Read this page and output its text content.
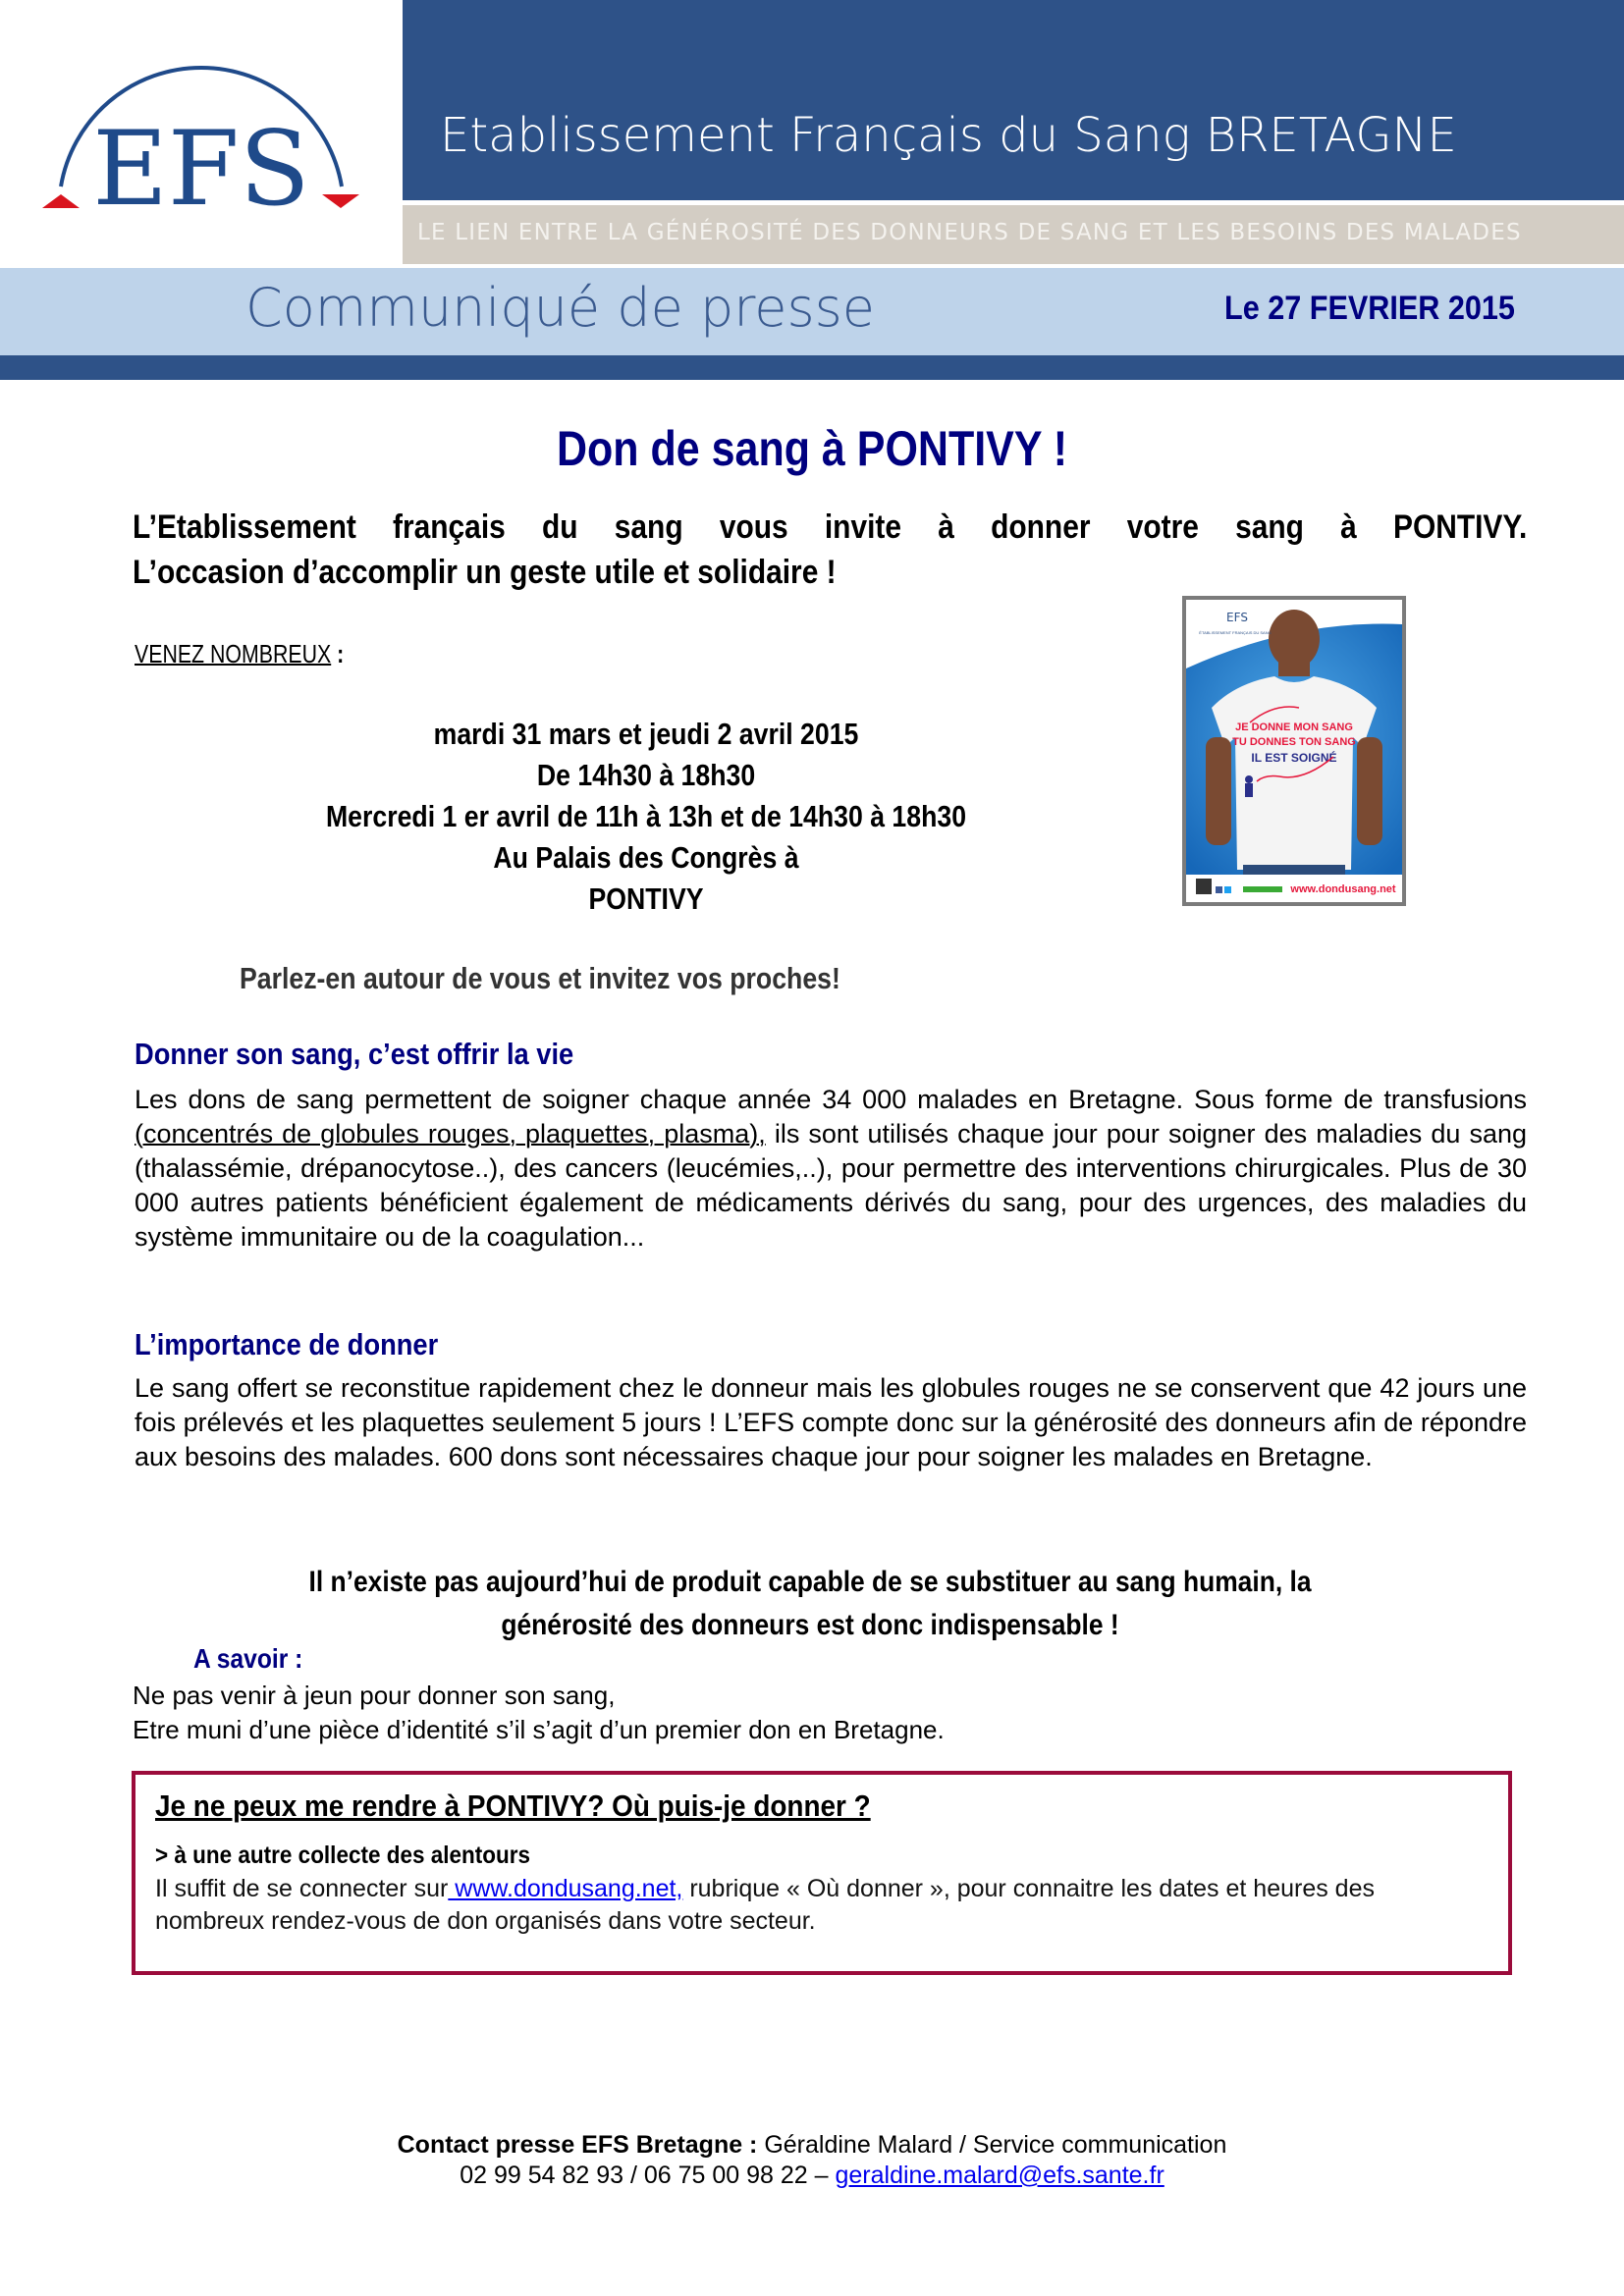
EFS	Etablissement Français du Sang BRETAGNE
LE LIEN ENTRE LA GÉNÉROSITÉ DES DONNEURS DE SANG ET LES BESOINS DES MALADES
Communiqué de presse	Le 27 FEVRIER 2015
Don de sang à PONTIVY !
L’Etablissement français du sang vous invite à donner votre sang à PONTIVY.
L’occasion d’accomplir un geste utile et solidaire !
VENEZ NOMBREUX :
mardi 31 mars et jeudi 2 avril 2015
De 14h30 à 18h30
Mercredi 1 er avril de 11h à 13h et de 14h30 à 18h30
Au Palais des Congrès à
PONTIVY
Parlez-en autour de vous et invitez vos proches!
JE DONNE MON SANG
TU DONNES TON SANG
IL EST SOIGNÉ
EFS
ÉTABLISSEMENT FRANÇAIS DU SANG
www.dondusang.net
Donner son sang, c’est offrir la vie
Les dons de sang permettent de soigner chaque année 34 000 malades en Bretagne. Sous forme de transfusions (concentrés de globules rouges, plaquettes, plasma), ils sont utilisés chaque jour pour soigner des maladies du sang (thalassémie, drépanocytose..), des cancers (leucémies,..), pour permettre des interventions chirurgicales. Plus de 30 000 autres patients bénéficient également de médicaments dérivés du sang, pour des urgences, des maladies du système immunitaire ou de la coagulation...
L’importance de donner
Le sang offert se reconstitue rapidement chez le donneur mais les globules rouges ne se conservent que 42 jours une fois prélevés et les plaquettes seulement 5 jours ! L’EFS compte donc sur la générosité des donneurs afin de répondre aux besoins des malades. 600 dons sont nécessaires chaque jour pour soigner les malades en Bretagne.
Il n’existe pas aujourd’hui de produit capable de se substituer au sang humain, la
générosité des donneurs est donc indispensable !
A savoir :
Ne pas venir à jeun pour donner son sang,
Etre muni d’une pièce d’identité s’il s’agit d’un premier don en Bretagne.
Je ne peux me rendre à PONTIVY? Où puis-je donner ?
> à une autre collecte des alentours
Il suffit de se connecter sur www.dondusang.net, rubrique « Où donner », pour connaitre les dates et heures des nombreux rendez-vous de don organisés dans votre secteur.
Contact presse EFS Bretagne : Géraldine Malard / Service communication
02 99 54 82 93 / 06 75 00 98 22 – geraldine.malard@efs.sante.fr
